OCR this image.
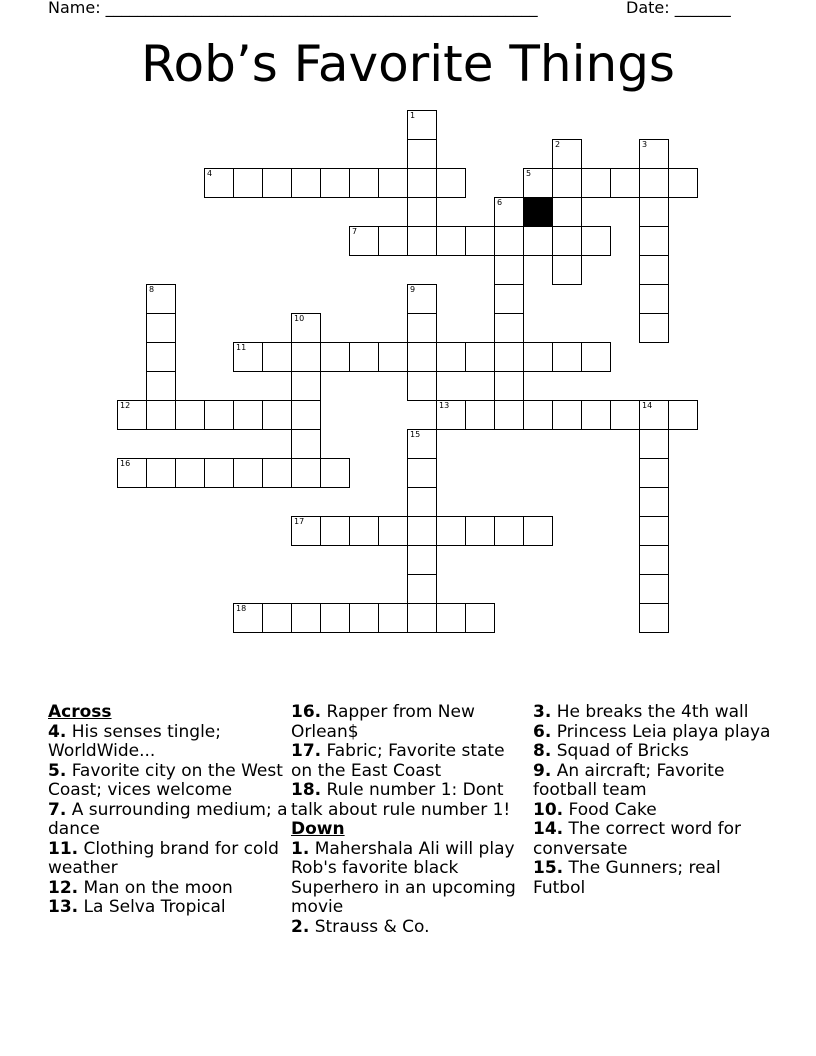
Name: ______________________________________________________	Date: _______
Rob’s Favorite Things
1
2	3
4	5
6
7
8	9
10
11
12	13	14
15
16
17
18
Across
4. His senses tingle; WorldWide...
5. Favorite city on the West Coast; vices welcome
7. A surrounding medium; a dance
11. Clothing brand for cold weather
12. Man on the moon
13. La Selva Tropical
16. Rapper from New Orlean$
17. Fabric; Favorite state on the East Coast
18. Rule number 1: Dont talk about rule number 1!
Down
1. Mahershala Ali will play Rob's favorite black Superhero in an upcoming movie
2. Strauss & Co.
3. He breaks the 4th wall
6. Princess Leia playa playa
8. Squad of Bricks
9. An aircraft; Favorite football team
10. Food Cake
14. The correct word for conversate
15. The Gunners; real Futbol
